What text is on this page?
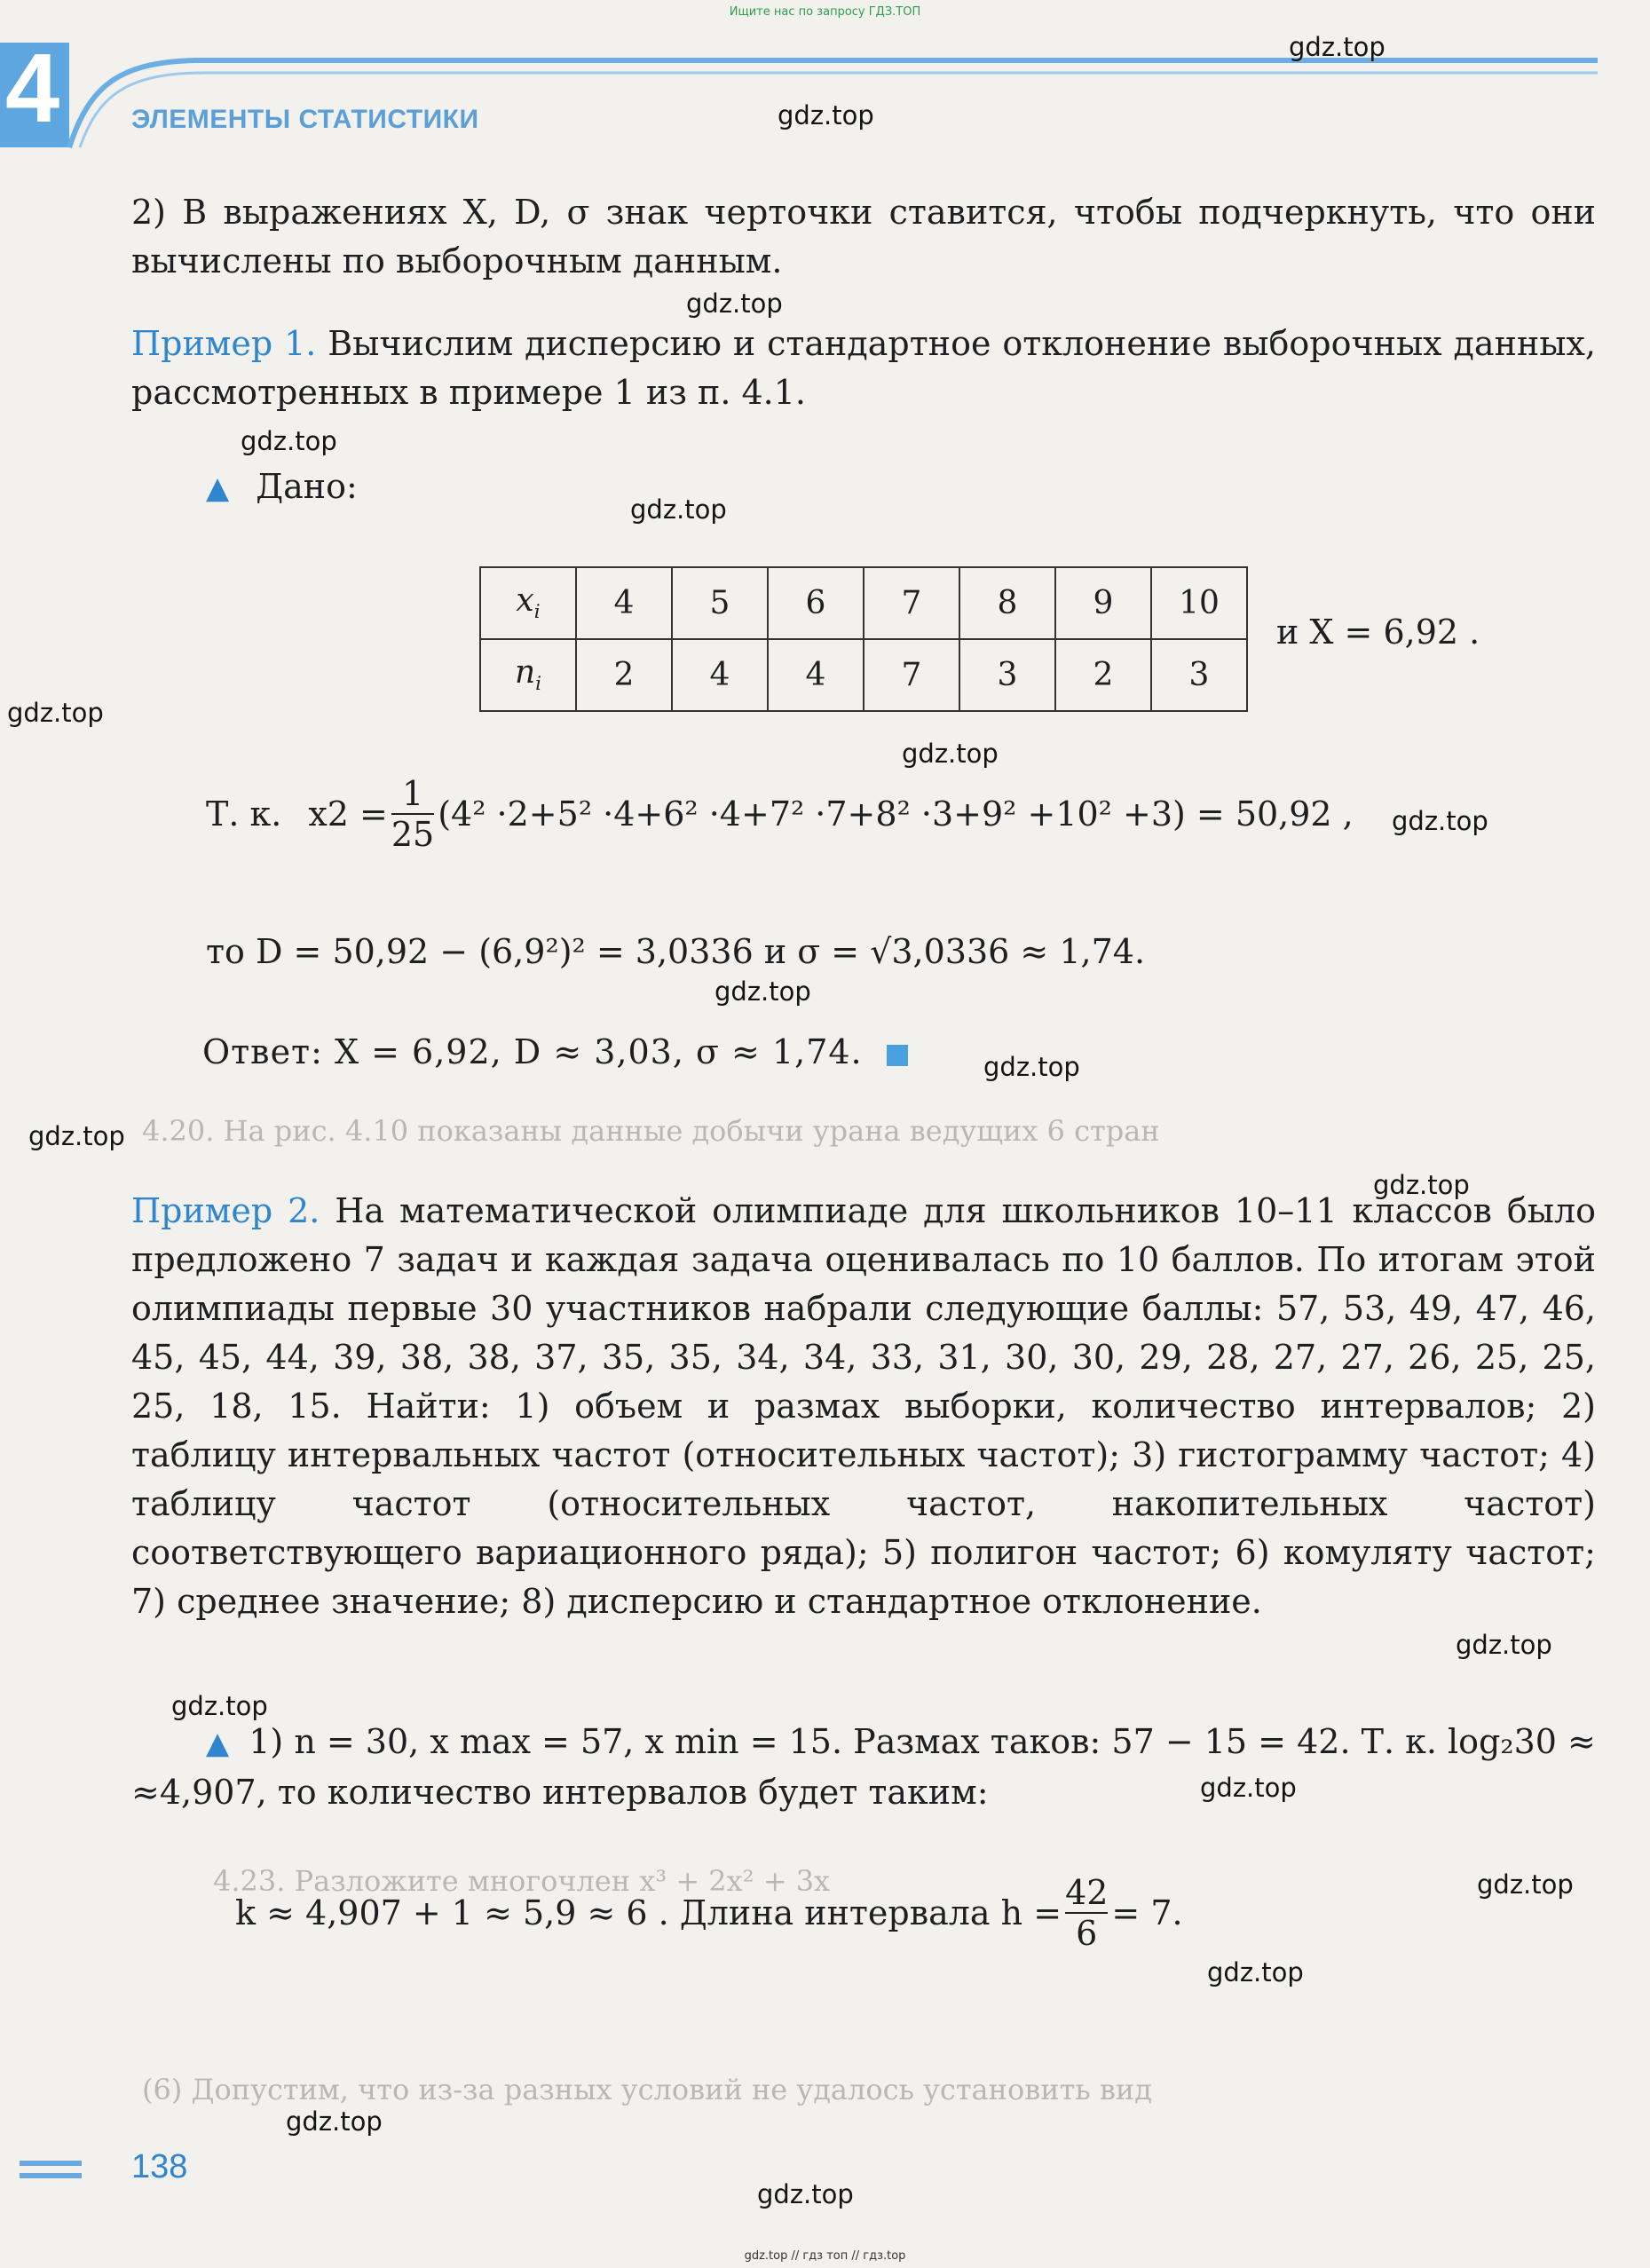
Ищите нас по запросу ГДЗ.ТОП
4	ЭЛЕМЕНТЫ СТАТИСТИКИ
4.20. На рис. 4.10 показаны данные добычи урана ведущих 6 стран
4.23. Разложите многочлен x³ + 2x² + 3x
(6) Допустим, что из-за разных условий не удалось установить вид
2) В выражениях X, D, σ знак черточки ставится, чтобы подчеркнуть, что они вычислены по выборочным данным.
Пример 1. Вычислим дисперсию и стандартное отклонение выборочных данных, рассмотренных в примере 1 из п. 4.1.
▲ Дано:
$x_i$	4	5	6	7	8	9	10
$n_i$	2	4	4	7	3	2	3
и X = 6,92 .
Т. к. $x2 = \frac{1}{25} (4^2 \cdot 2+5^2 \cdot 4+6^2 \cdot 4+7^2 \cdot 7+8^2 \cdot 3+9^2 +10^2 +3) = 50,92$ ,
то D = 50,92 − (6,9²)² = 3,0336 и σ = √3,0336 ≈ 1,74.
Ответ: X = 6,92, D ≈ 3,03, σ ≈ 1,74.
Пример 2. На математической олимпиаде для школьников 10–11 классов было предложено 7 задач и каждая задача оценивалась по 10 баллов. По итогам этой олимпиады первые 30 участников набрали следующие баллы: 57, 53, 49, 47, 46, 45, 45, 44, 39, 38, 38, 37, 35, 35, 34, 34, 33, 31, 30, 30, 29, 28, 27, 27, 26, 25, 25, 25, 18, 15. Найти: 1) объем и размах выборки, количество интервалов; 2) таблицу интервальных частот (относительных частот); 3) гистограмму частот; 4) таблицу частот (относительных частот, накопительных частот) соответствующего вариационного ряда); 5) полигон частот; 6) комуляту частот; 7) среднее значение; 8) дисперсию и стандартное отклонение.
▲ 1) n = 30, x max = 57, x min = 15. Размах таков: 57 − 15 = 42. Т. к. log₂30 ≈
≈4,907, то количество интервалов будет таким:
k ≈ 4,907 + 1 ≈ 5,9 ≈ 6 . Длина интервала $h = \frac{42}{6} = 7$.
138
gdz.top
gdz.top
gdz.top
gdz.top
gdz.top
gdz.top
gdz.top
gdz.top
gdz.top
gdz.top
gdz.top
gdz.top
gdz.top
gdz.top
gdz.top
gdz.top
gdz.top
gdz.top
gdz.top
gdz.top // гдз топ // гдз.top
